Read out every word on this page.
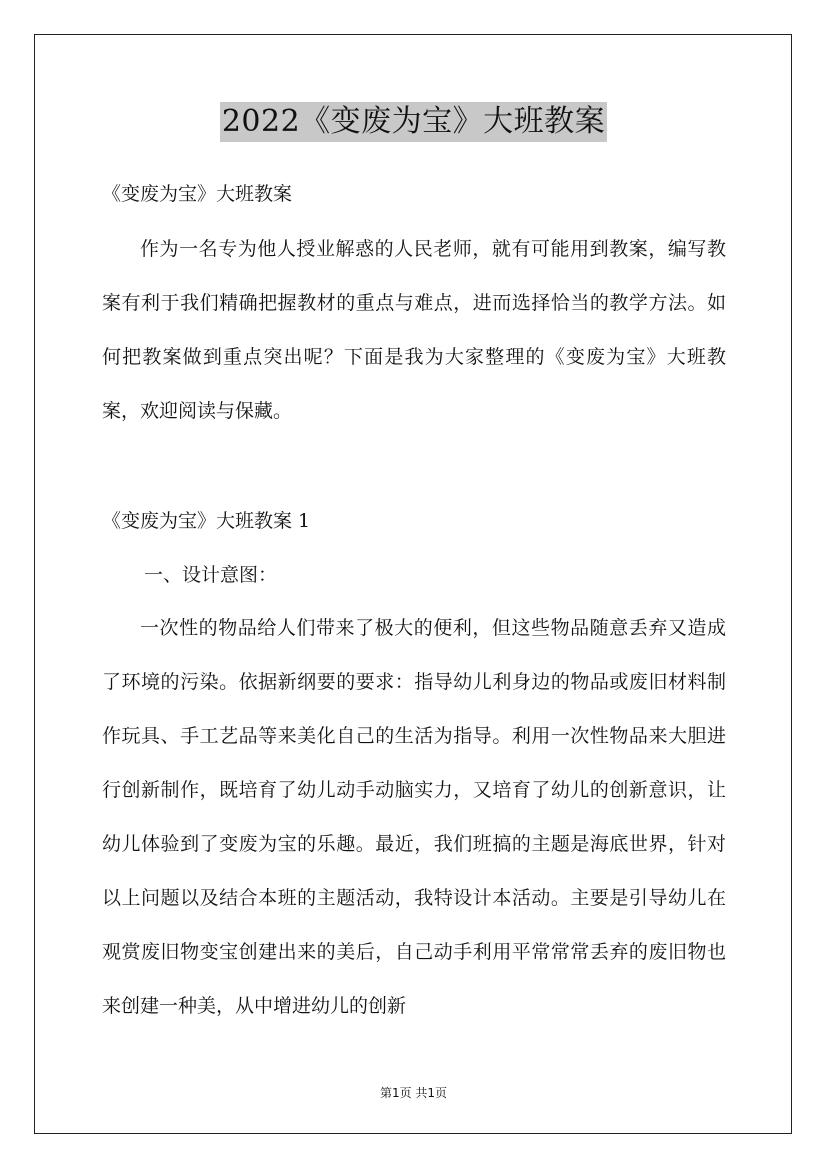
2022《变废为宝》大班教案
《变废为宝》大班教案
作为一名专为他人授业解惑的人民老师，就有可能用到教案，编写教案有利于我们精确把握教材的重点与难点，进而选择恰当的教学方法。如何把教案做到重点突出呢？下面是我为大家整理的《变废为宝》大班教案，欢迎阅读与保藏。
《变废为宝》大班教案 1
一、设计意图：
一次性的物品给人们带来了极大的便利，但这些物品随意丢弃又造成了环境的污染。依据新纲要的要求：指导幼儿利身边的物品或废旧材料制作玩具、手工艺品等来美化自己的生活为指导。利用一次性物品来大胆进行创新制作，既培育了幼儿动手动脑实力，又培育了幼儿的创新意识，让幼儿体验到了变废为宝的乐趣。最近，我们班搞的主题是海底世界，针对以上问题以及结合本班的主题活动，我特设计本活动。主要是引导幼儿在观赏废旧物变宝创建出来的美后，自己动手利用平常常常丢弃的废旧物也来创建一种美，从中增进幼儿的创新
第1页 共1页
